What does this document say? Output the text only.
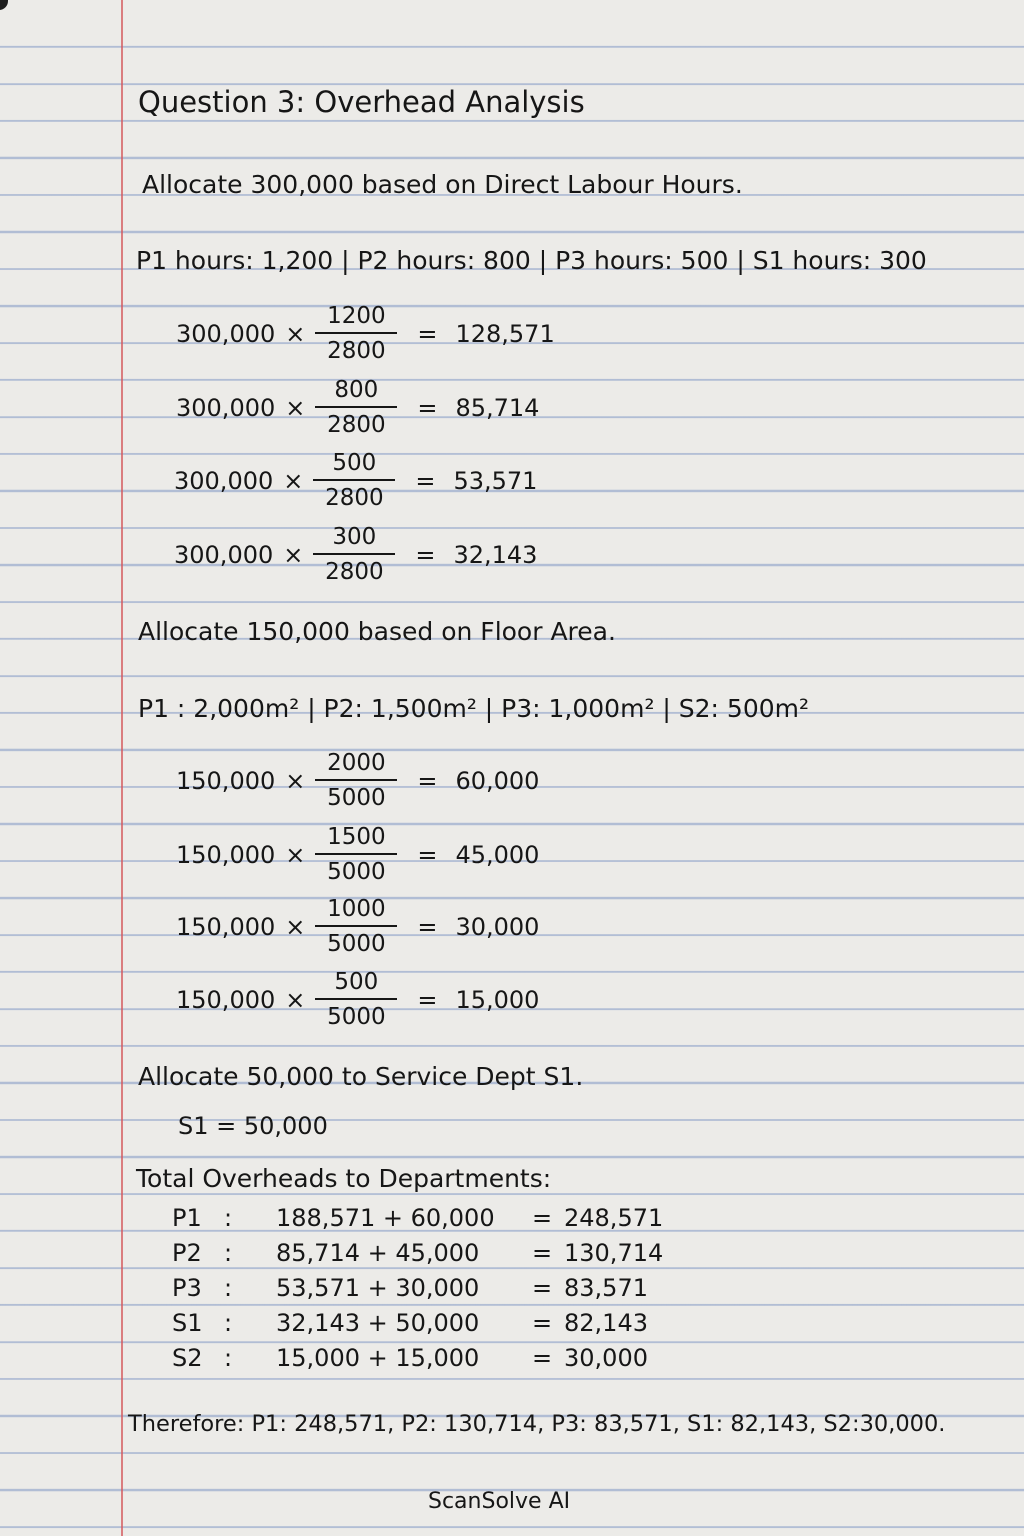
Question 3: Overhead Analysis
Allocate 300,000 based on Direct Labour Hours.
P1 hours: 1,200 | P2 hours: 800 | P3 hours: 500 | S1 hours: 300
$300,000 \times \frac{1200}{2800} = 128,571$
$300,000 \times \frac{800}{2800} = 85,714$
$300,000 \times \frac{500}{2800} = 53,571$
$300,000 \times \frac{300}{2800} = 32,143$
Allocate 150,000 based on Floor Area.
P1 : 2,000m² | P2: 1,500m² | P3: 1,000m² | S2: 500m²
$150,000 \times \frac{2000}{5000} = 60,000$
$150,000 \times \frac{1500}{5000} = 45,000$
$150,000 \times \frac{1000}{5000} = 30,000$
$150,000 \times \frac{500}{5000} = 15,000$
Allocate 50,000 to Service Dept S1.
S1 = 50,000
Total Overheads to Departments:
P1 : 188,571 + 60,000 = 248,571
P2 : 85,714 + 45,000 = 130,714
P3 : 53,571 + 30,000 = 83,571
S1 : 32,143 + 50,000 = 82,143
S2 : 15,000 + 15,000 = 30,000
Therefore: P1: 248,571, P2: 130,714, P3: 83,571, S1: 82,143, S2:30,000.
ScanSolve AI
